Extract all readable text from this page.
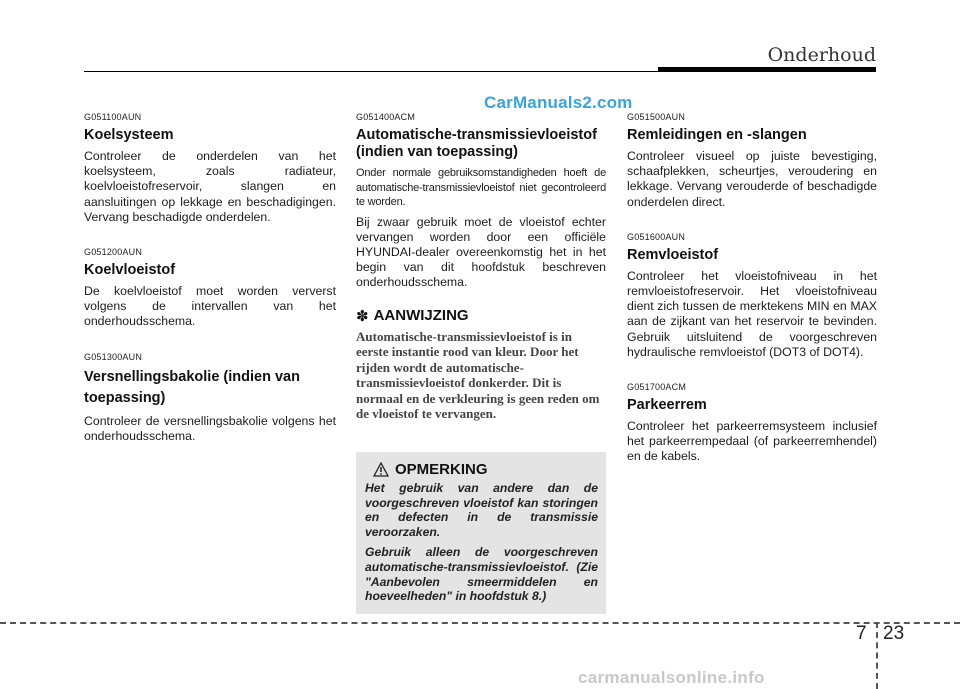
Onderhoud
CarManuals2.com
G051100AUN
Koelsysteem

Controleer de onderdelen van het koelsysteem, zoals radiateur, koelvloeistofreservoir, slangen en aansluitingen op lekkage en beschadigingen. Vervang beschadigde onderdelen.

G051200AUN
Koelvloeistof

De koelvloeistof moet worden ververst volgens de intervallen van het onderhoudsschema.

G051300AUN
Versnellingsbakolie (indien van toepassing)

Controleer de versnellingsbakolie volgens het onderhoudsschema.

G051400ACM
Automatische-transmissievloeistof (indien van toepassing)

Onder normale gebruiksomstandigheden hoeft de automatische-transmissievloeistof niet gecontroleerd te worden.

Bij zwaar gebruik moet de vloeistof echter vervangen worden door een officiële HYUNDAI-dealer overeenkomstig het in het begin van dit hoofdstuk beschreven onderhoudsschema.

✽ AANWIJZING
Automatische-transmissievloeistof is in eerste instantie rood van kleur. Door het rijden wordt de automatische-transmissievloeistof donkerder. Dit is normaal en de verkleuring is geen reden om de vloeistof te vervangen.
OPMERKING

Het gebruik van andere dan de voorgeschreven vloeistof kan storingen en defecten in de transmissie veroorzaken.

Gebruik alleen de voorgeschreven automatische-transmissievloeistof. (Zie "Aanbevolen smeermiddelen en hoeveelheden" in hoofdstuk 8.)

G051500AUN
Remleidingen en -slangen

Controleer visueel op juiste bevestiging, schaafplekken, scheurtjes, veroudering en lekkage. Vervang verouderde of beschadigde onderdelen direct.

G051600AUN
Remvloeistof

Controleer het vloeistofniveau in het remvloeistofreservoir. Het vloeistofniveau dient zich tussen de merktekens MIN en MAX aan de zijkant van het reservoir te bevinden. Gebruik uitsluitend de voorgeschreven hydraulische remvloeistof (DOT3 of DOT4).

G051700ACM
Parkeerrem

Controleer het parkeerremsysteem inclusief het parkeerrempedaal (of parkeerremhendel) en de kabels.

7 23
carmanualsonline.info
